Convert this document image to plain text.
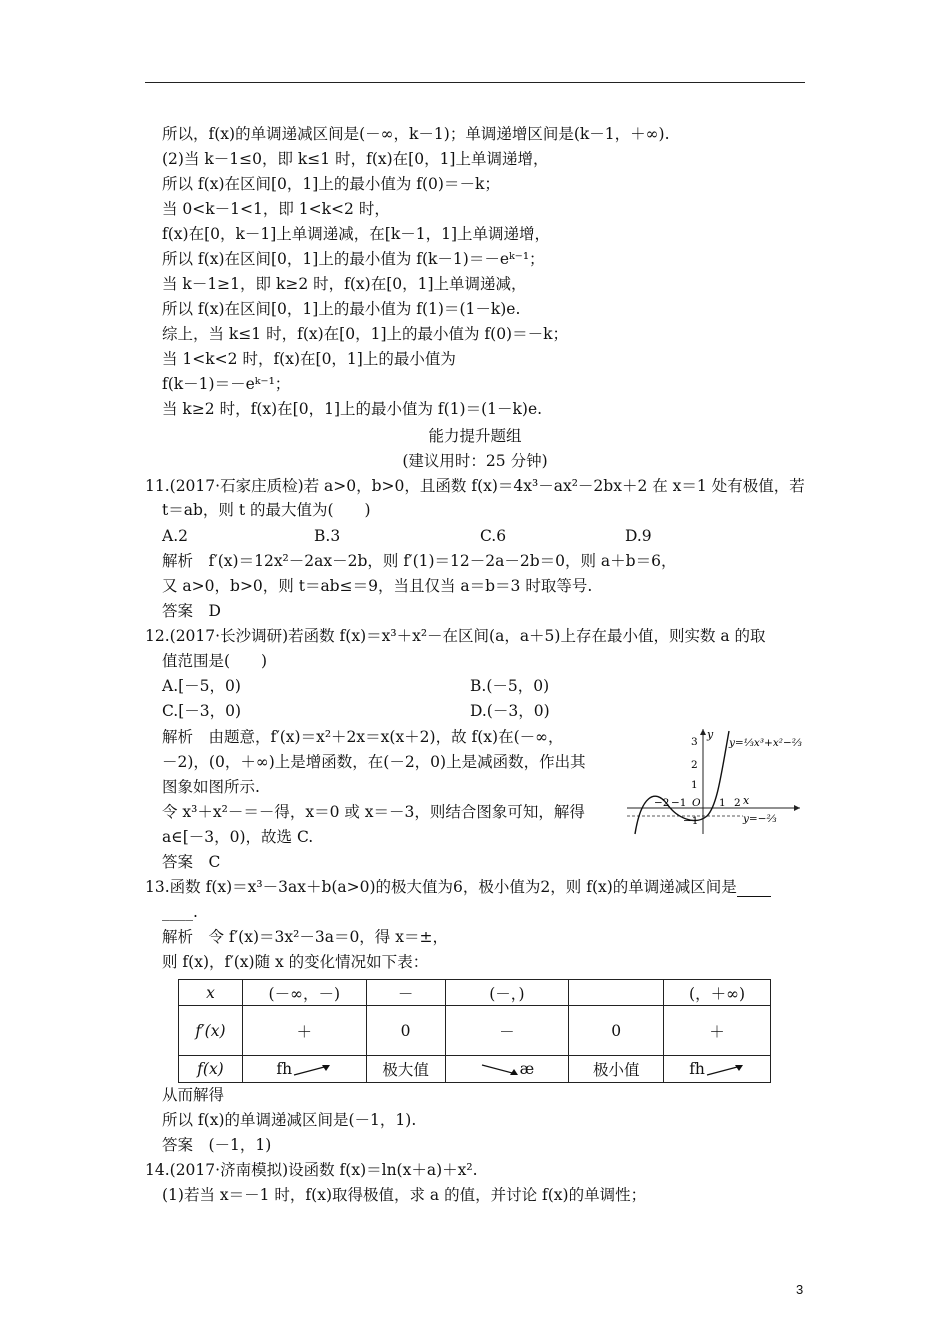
所以，f(x)的单调递减区间是(－∞，k－1)；单调递增区间是(k－1，＋∞).
(2)当 k－1≤0，即 k≤1 时，f(x)在[0，1]上单调递增，
所以 f(x)在区间[0，1]上的最小值为 f(0)＝－k；
当 0<k－1<1，即 1<k<2 时，
f(x)在[0，k－1]上单调递减，在[k－1，1]上单调递增，
所以 f(x)在区间[0，1]上的最小值为 f(k－1)＝－eᵏ⁻¹；
当 k－1≥1，即 k≥2 时，f(x)在[0，1]上单调递减，
所以 f(x)在区间[0，1]上的最小值为 f(1)＝(1－k)e.
综上，当 k≤1 时，f(x)在[0，1]上的最小值为 f(0)＝－k；
当 1<k<2 时，f(x)在[0，1]上的最小值为
f(k－1)＝－eᵏ⁻¹；
当 k≥2 时，f(x)在[0，1]上的最小值为 f(1)＝(1－k)e.
11.(2017·石家庄质检)若 a>0，b>0，且函数 f(x)＝4x³－ax²－2bx＋2 在 x＝1 处有极值，若
t＝ab，则 t 的最大值为(　　)
解析　f′(x)＝12x²－2ax－2b，则 f′(1)＝12－2a－2b＝0，则 a＋b＝6，
又 a>0，b>0，则 t＝ab≤＝9，当且仅当 a＝b＝3 时取等号.
答案　D
12.(2017·长沙调研)若函数 f(x)＝x³＋x²－在区间(a，a＋5)上存在最小值，则实数 a 的取
值范围是(　　)
解析　由题意，f′(x)＝x²＋2x＝x(x＋2)，故 f(x)在(－∞，
－2)，(0，＋∞)上是增函数，在(－2，0)上是减函数，作出其
图象如图所示.
令 x³＋x²－＝－得，x＝0 或 x＝－3，则结合图象可知，解得
a∈[－3，0)，故选 C.
答案　C
____.
解析　令 f′(x)＝3x²－3a＝0，得 x＝±，
则 f(x)，f′(x)随 x 的变化情况如下表：
从而解得
所以 f(x)的单调递减区间是(－1，1).
答案　(－1，1)
14.(2017·济南模拟)设函数 f(x)＝ln(x＋a)＋x².
(1)若当 x＝－1 时，f(x)取得极值，求 a 的值，并讨论 f(x)的单调性；
能力提升题组
(建议用时：25 分钟)
A.2	B.3	C.6	D.9
A.[－5，0)	B.(－5，0)
C.[－3，0)	D.(－3，0)
13.函数 f(x)＝x³－3ax＋b(a>0)的极大值为6，极小值为2，则 f(x)的单调递减区间是
y
x
y=⅓x³+x²−⅔
y=−⅔
−2 −1 O 1 2
3
2
1
−1
x	(－∞，－)	－	(－，)		(，＋∞)
f′(x)	＋	0	－	0	＋
f(x)	fh	极大值	æ	极小值	fh
3
